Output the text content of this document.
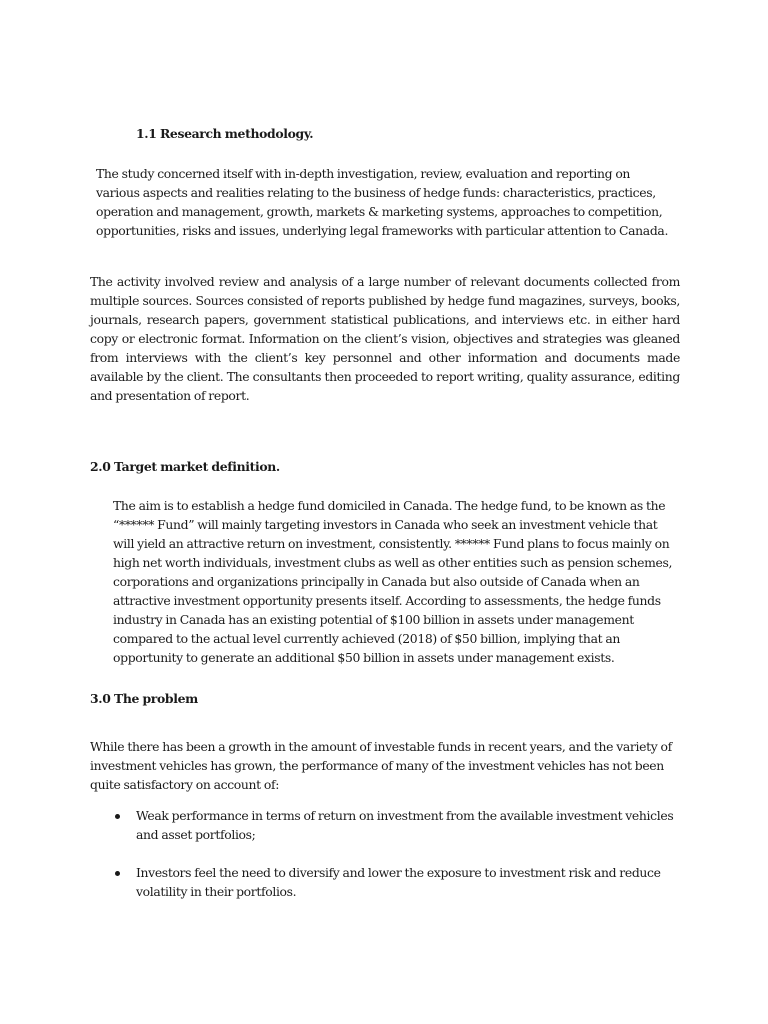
1.1 Research methodology.

The study concerned itself with in-depth investigation, review, evaluation and reporting on various aspects and realities relating to the business of hedge funds: characteristics, practices, operation and management, growth, markets & marketing systems, approaches to competition, opportunities, risks and issues, underlying legal frameworks with particular attention to Canada.

The activity involved review and analysis of a large number of relevant documents collected from multiple sources. Sources consisted of reports published by hedge fund magazines, surveys, books, journals, research papers, government statistical publications, and interviews etc. in either hard copy or electronic format. Information on the client’s vision, objectives and strategies was gleaned from interviews with the client’s key personnel and other information and documents made available by the client. The consultants then proceeded to report writing, quality assurance, editing and presentation of report.

2.0 Target market definition.

The aim is to establish a hedge fund domiciled in Canada. The hedge fund, to be known as the “****** Fund” will mainly targeting investors in Canada who seek an investment vehicle that will yield an attractive return on investment, consistently. ****** Fund plans to focus mainly on high net worth individuals, investment clubs as well as other entities such as pension schemes, corporations and organizations principally in Canada but also outside of Canada when an attractive investment opportunity presents itself. According to assessments, the hedge funds industry in Canada has an existing potential of $100 billion in assets under management compared to the actual level currently achieved (2018) of $50 billion, implying that an opportunity to generate an additional $50 billion in assets under management exists.

3.0 The problem

While there has been a growth in the amount of investable funds in recent years, and the variety of investment vehicles has grown, the performance of many of the investment vehicles has not been quite satisfactory on account of:

Weak performance in terms of return on investment from the available investment vehicles and asset portfolios;
Investors feel the need to diversify and lower the exposure to investment risk and reduce volatility in their portfolios.
